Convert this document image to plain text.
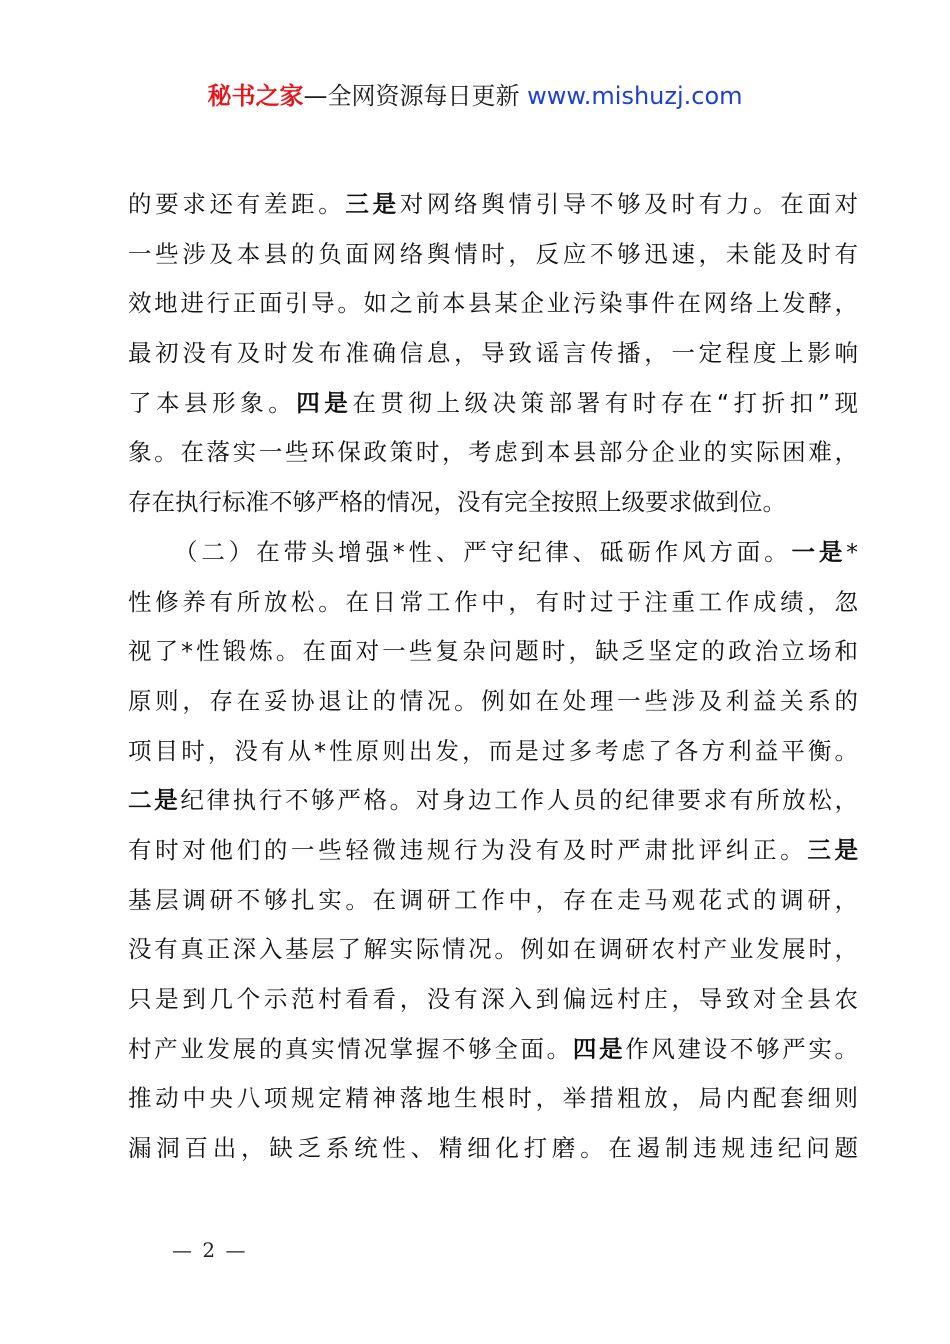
秘书之家—全网资源每日更新 www.mishuzj.com
的要求还有差距。三是对网络舆情引导不够及时有力。在面对
一些涉及本县的负面网络舆情时，反应不够迅速，未能及时有
效地进行正面引导。如之前本县某企业污染事件在网络上发酵，
最初没有及时发布准确信息，导致谣言传播，一定程度上影响
了本县形象。四是在贯彻上级决策部署有时存在“打折扣”现
象。在落实一些环保政策时，考虑到本县部分企业的实际困难，
存在执行标准不够严格的情况，没有完全按照上级要求做到位。
（二）在带头增强*性、严守纪律、砥砺作风方面。一是*
性修养有所放松。在日常工作中，有时过于注重工作成绩，忽
视了*性锻炼。在面对一些复杂问题时，缺乏坚定的政治立场和
原则，存在妥协退让的情况。例如在处理一些涉及利益关系的
项目时，没有从*性原则出发，而是过多考虑了各方利益平衡。
二是纪律执行不够严格。对身边工作人员的纪律要求有所放松，
有时对他们的一些轻微违规行为没有及时严肃批评纠正。三是
基层调研不够扎实。在调研工作中，存在走马观花式的调研，
没有真正深入基层了解实际情况。例如在调研农村产业发展时，
只是到几个示范村看看，没有深入到偏远村庄，导致对全县农
村产业发展的真实情况掌握不够全面。四是作风建设不够严实。
推动中央八项规定精神落地生根时，举措粗放，局内配套细则
漏洞百出，缺乏系统性、精细化打磨。在遏制违规违纪问题
— 2 —
